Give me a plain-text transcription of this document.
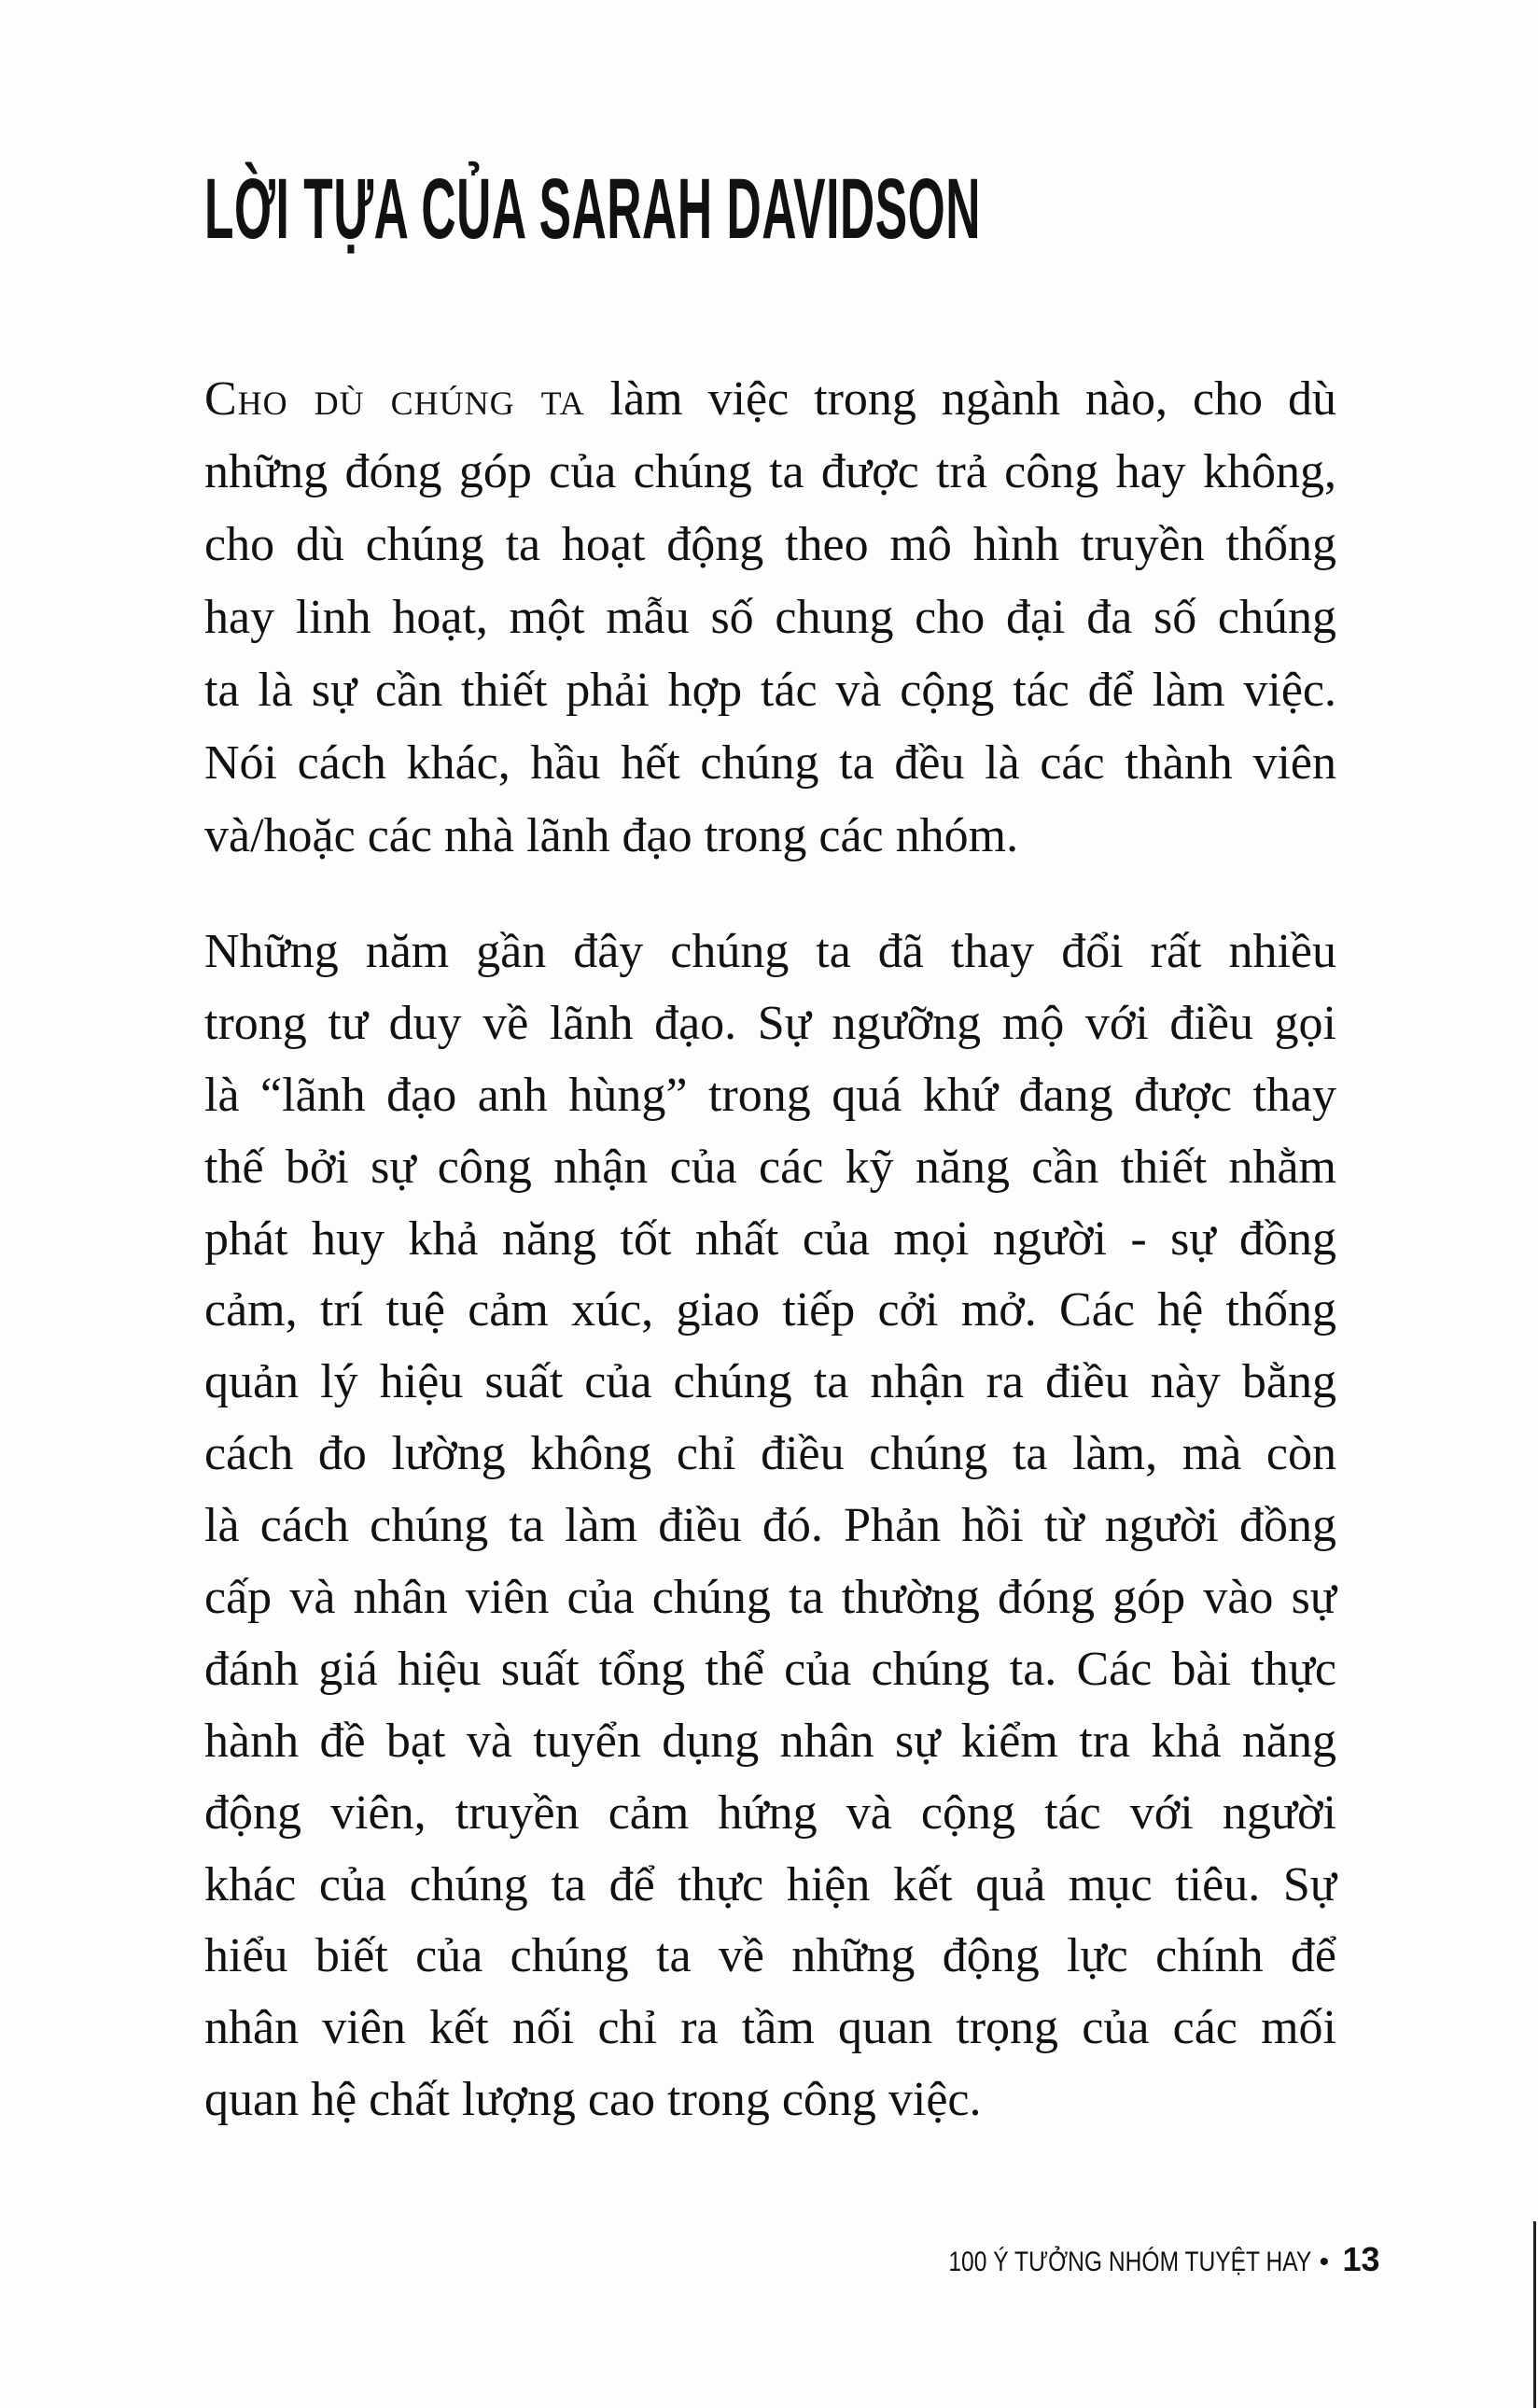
LỜI TỰA CỦA SARAH DAVIDSON
Cho dù chúng ta làm việc trong ngành nào, cho dù
những đóng góp của chúng ta được trả công hay không,
cho dù chúng ta hoạt động theo mô hình truyền thống
hay linh hoạt, một mẫu số chung cho đại đa số chúng
ta là sự cần thiết phải hợp tác và cộng tác để làm việc.
Nói cách khác, hầu hết chúng ta đều là các thành viên
và/hoặc các nhà lãnh đạo trong các nhóm.
Những năm gần đây chúng ta đã thay đổi rất nhiều
trong tư duy về lãnh đạo. Sự ngưỡng mộ với điều gọi
là “lãnh đạo anh hùng” trong quá khứ đang được thay
thế bởi sự công nhận của các kỹ năng cần thiết nhằm
phát huy khả năng tốt nhất của mọi người - sự đồng
cảm, trí tuệ cảm xúc, giao tiếp cởi mở. Các hệ thống
quản lý hiệu suất của chúng ta nhận ra điều này bằng
cách đo lường không chỉ điều chúng ta làm, mà còn
là cách chúng ta làm điều đó. Phản hồi từ người đồng
cấp và nhân viên của chúng ta thường đóng góp vào sự
đánh giá hiệu suất tổng thể của chúng ta. Các bài thực
hành đề bạt và tuyển dụng nhân sự kiểm tra khả năng
động viên, truyền cảm hứng và cộng tác với người
khác của chúng ta để thực hiện kết quả mục tiêu. Sự
hiểu biết của chúng ta về những động lực chính để
nhân viên kết nối chỉ ra tầm quan trọng của các mối
quan hệ chất lượng cao trong công việc.
100 Ý TƯỞNG NHÓM TUYỆT HAY • 13
